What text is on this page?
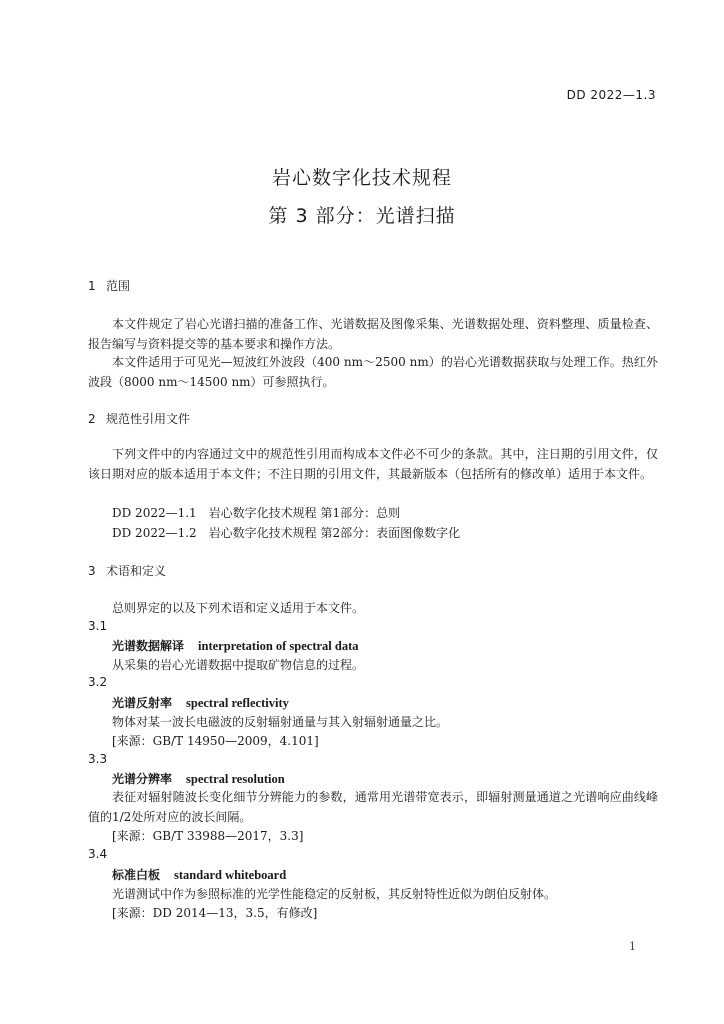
DD 2022—1.3
岩心数字化技术规程
第 3 部分：光谱扫描
1 范围
本文件规定了岩心光谱扫描的准备工作、光谱数据及图像采集、光谱数据处理、资料整理、质量检查、报告编写与资料提交等的基本要求和操作方法。
本文件适用于可见光—短波红外波段（400 nm～2500 nm）的岩心光谱数据获取与处理工作。热红外波段（8000 nm～14500 nm）可参照执行。
2 规范性引用文件
下列文件中的内容通过文中的规范性引用而构成本文件必不可少的条款。其中，注日期的引用文件，仅该日期对应的版本适用于本文件；不注日期的引用文件，其最新版本（包括所有的修改单）适用于本文件。
DD 2022—1.1　岩心数字化技术规程 第1部分：总则
DD 2022—1.2　岩心数字化技术规程 第2部分：表面图像数字化
3 术语和定义
总则界定的以及下列术语和定义适用于本文件。
3.1
光谱数据解译 interpretation of spectral data
从采集的岩心光谱数据中提取矿物信息的过程。
3.2
光谱反射率 spectral reflectivity
物体对某一波长电磁波的反射辐射通量与其入射辐射通量之比。
[来源：GB/T 14950—2009，4.101]
3.3
光谱分辨率 spectral resolution
表征对辐射随波长变化细节分辨能力的参数，通常用光谱带宽表示，即辐射测量通道之光谱响应曲线峰值的1/2处所对应的波长间隔。
[来源：GB/T 33988—2017，3.3]
3.4
标准白板 standard whiteboard
光谱测试中作为参照标准的光学性能稳定的反射板，其反射特性近似为朗伯反射体。
[来源：DD 2014—13，3.5，有修改]
1
